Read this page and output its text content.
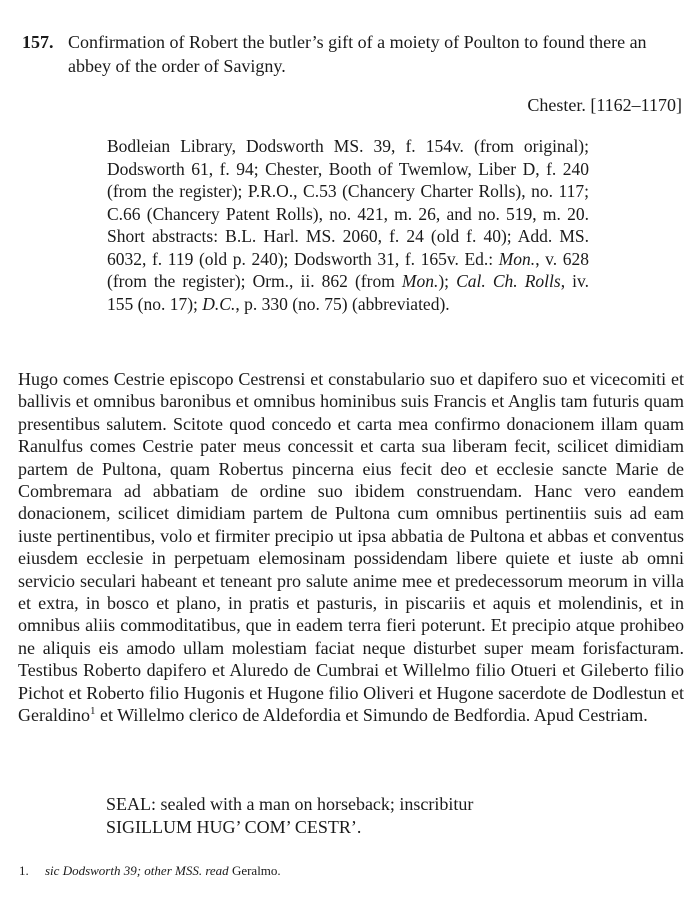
157. Confirmation of Robert the butler’s gift of a moiety of Poulton to found there an abbey of the order of Savigny.
Chester. [1162–1170]
Bodleian Library, Dodsworth MS. 39, f. 154v. (from original); Dodsworth 61, f. 94; Chester, Booth of Twemlow, Liber D, f. 240 (from the register); P.R.O., C.53 (Chancery Charter Rolls), no. 117; C.66 (Chancery Patent Rolls), no. 421, m. 26, and no. 519, m. 20. Short abstracts: B.L. Harl. MS. 2060, f. 24 (old f. 40); Add. MS. 6032, f. 119 (old p. 240); Dodsworth 31, f. 165v. Ed.: Mon., v. 628 (from the register); Orm., ii. 862 (from Mon.); Cal. Ch. Rolls, iv. 155 (no. 17); D.C., p. 330 (no. 75) (abbreviated).
Hugo comes Cestrie episcopo Cestrensi et constabulario suo et dapifero suo et vicecomiti et ballivis et omnibus baronibus et omnibus hominibus suis Francis et Anglis tam futuris quam presentibus salutem. Scitote quod concedo et carta mea confirmo donacionem illam quam Ranulfus comes Cestrie pater meus concessit et carta sua liberam fecit, scilicet dimidiam partem de Pultona, quam Robertus pincerna eius fecit deo et ecclesie sancte Marie de Combremara ad abbatiam de ordine suo ibidem construendam. Hanc vero eandem donacionem, scilicet dimidiam partem de Pultona cum omnibus pertinentiis suis ad eam iuste pertinentibus, volo et firmiter precipio ut ipsa abbatia de Pultona et abbas et conventus eiusdem ecclesie in perpetuam elemosinam possidendam libere quiete et iuste ab omni servicio seculari habeant et teneant pro salute anime mee et predecessorum meorum in villa et extra, in bosco et plano, in pratis et pasturis, in piscariis et aquis et molendinis, et in omnibus aliis commoditatibus, que in eadem terra fieri poterunt. Et precipio atque prohibeo ne aliquis eis amodo ullam molestiam faciat neque disturbet super meam forisfacturam. Testibus Roberto dapifero et Aluredo de Cumbrai et Willelmo filio Otueri et Gileberto filio Pichot et Roberto filio Hugonis et Hugone filio Oliveri et Hugone sacerdote de Dodlestun et Geraldino$^1$ et Willelmo clerico de Aldefordia et Simundo de Bedfordia. Apud Cestriam.
SEAL: sealed with a man on horseback; inscribitur
SIGILLUM HUG’ COM’ CESTR’.
1. sic Dodsworth 39; other MSS. read Geralmo.
